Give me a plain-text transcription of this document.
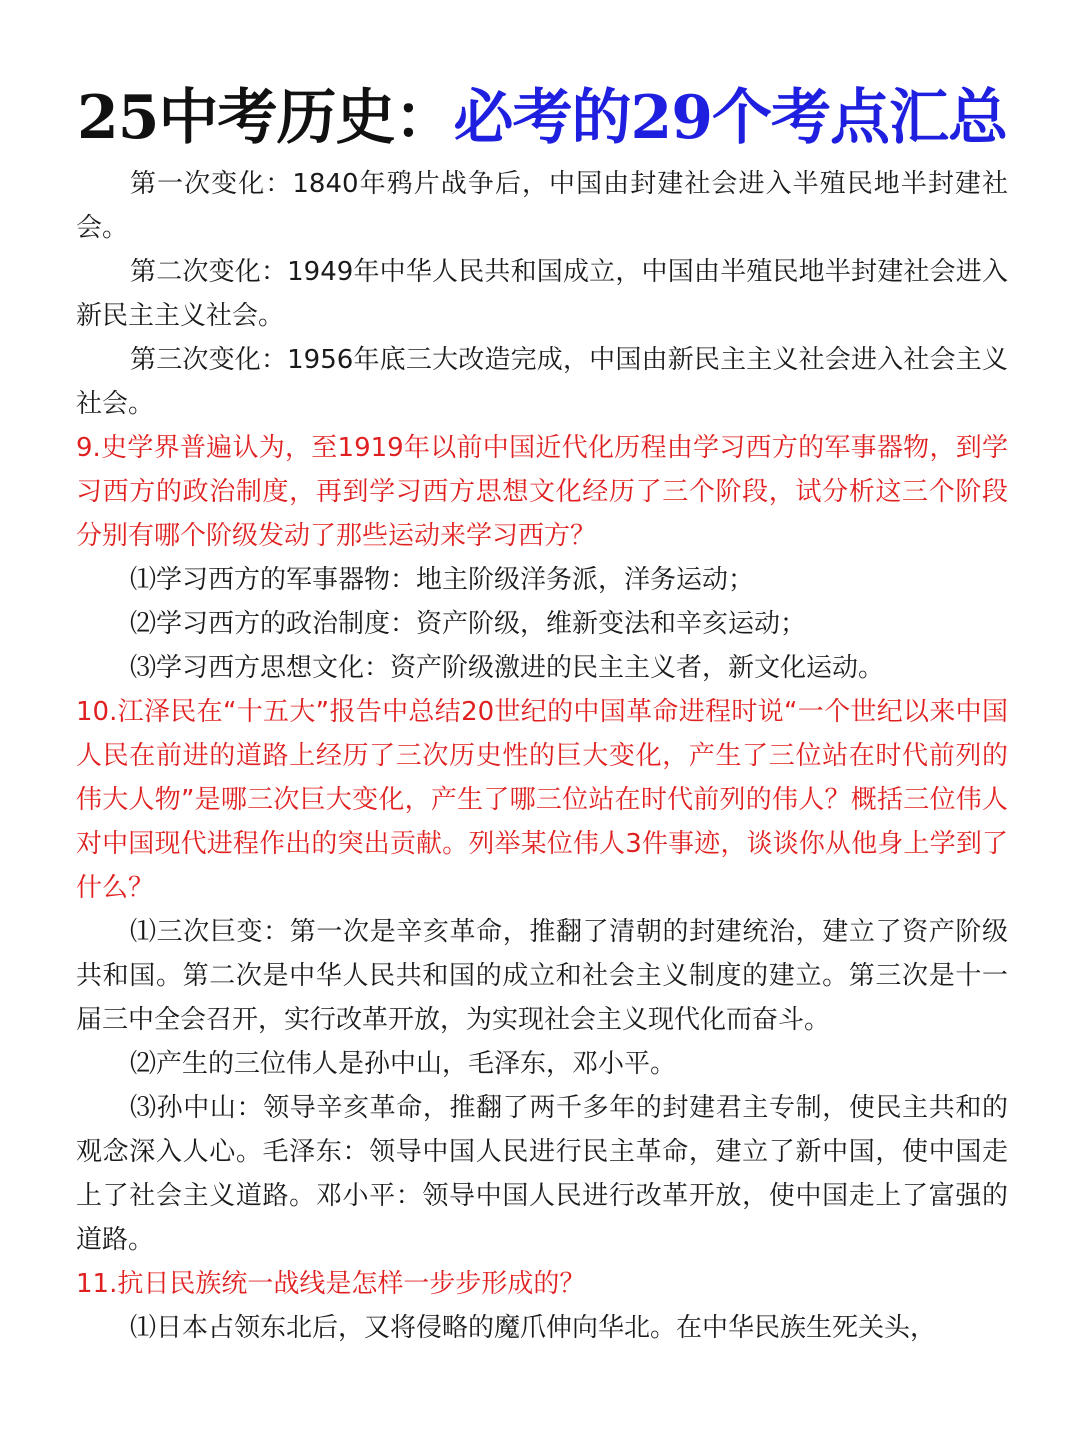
25中考历史：必考的29个考点汇总

第一次变化：1840年鸦片战争后，中国由封建社会进入半殖民地半封建社会。

第二次变化：1949年中华人民共和国成立，中国由半殖民地半封建社会进入新民主主义社会。

第三次变化：1956年底三大改造完成，中国由新民主主义社会进入社会主义社会。

9.史学界普遍认为，至1919年以前中国近代化历程由学习西方的军事器物，到学习西方的政治制度，再到学习西方思想文化经历了三个阶段，试分析这三个阶段分别有哪个阶级发动了那些运动来学习西方？

⑴学习西方的军事器物：地主阶级洋务派，洋务运动；

⑵学习西方的政治制度：资产阶级，维新变法和辛亥运动；

⑶学习西方思想文化：资产阶级激进的民主主义者，新文化运动。

10.江泽民在“十五大”报告中总结20世纪的中国革命进程时说“一个世纪以来中国人民在前进的道路上经历了三次历史性的巨大变化，产生了三位站在时代前列的伟大人物”是哪三次巨大变化，产生了哪三位站在时代前列的伟人？概括三位伟人对中国现代进程作出的突出贡献。列举某位伟人3件事迹，谈谈你从他身上学到了什么？

⑴三次巨变：第一次是辛亥革命，推翻了清朝的封建统治，建立了资产阶级共和国。第二次是中华人民共和国的成立和社会主义制度的建立。第三次是十一届三中全会召开，实行改革开放，为实现社会主义现代化而奋斗。

⑵产生的三位伟人是孙中山，毛泽东，邓小平。

⑶孙中山：领导辛亥革命，推翻了两千多年的封建君主专制，使民主共和的观念深入人心。毛泽东：领导中国人民进行民主革命，建立了新中国，使中国走上了社会主义道路。邓小平：领导中国人民进行改革开放，使中国走上了富强的道路。

11.抗日民族统一战线是怎样一步步形成的？

⑴日本占领东北后，又将侵略的魔爪伸向华北。在中华民族生死关头，
